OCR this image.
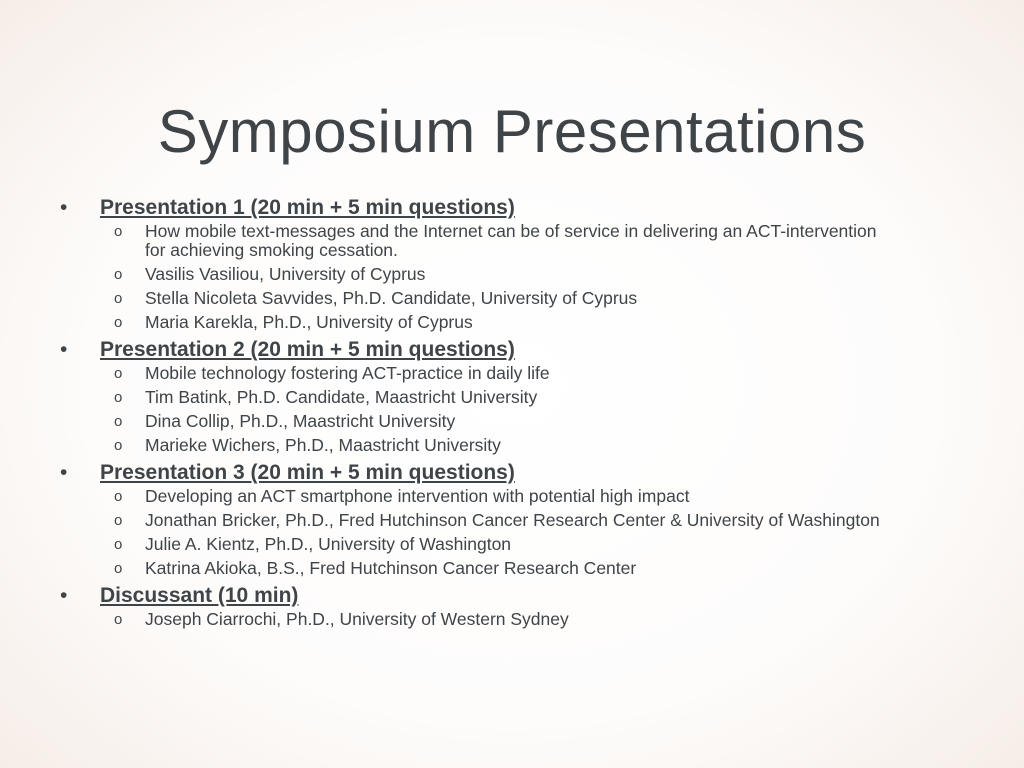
Symposium Presentations
• Presentation 1 (20 min + 5 min questions)
o How mobile text-messages and the Internet can be of service in delivering an ACT-intervention for achieving smoking cessation.
o Vasilis Vasiliou, University of Cyprus
o Stella Nicoleta Savvides, Ph.D. Candidate, University of Cyprus
o Maria Karekla, Ph.D., University of Cyprus
• Presentation 2 (20 min + 5 min questions)
o Mobile technology fostering ACT-practice in daily life
o Tim Batink, Ph.D. Candidate, Maastricht University
o Dina Collip, Ph.D., Maastricht University
o Marieke Wichers, Ph.D., Maastricht University
• Presentation 3 (20 min + 5 min questions)
o Developing an ACT smartphone intervention with potential high impact
o Jonathan Bricker, Ph.D., Fred Hutchinson Cancer Research Center & University of Washington
o Julie A. Kientz, Ph.D., University of Washington
o Katrina Akioka, B.S., Fred Hutchinson Cancer Research Center
• Discussant (10 min)
o Joseph Ciarrochi, Ph.D., University of Western Sydney
